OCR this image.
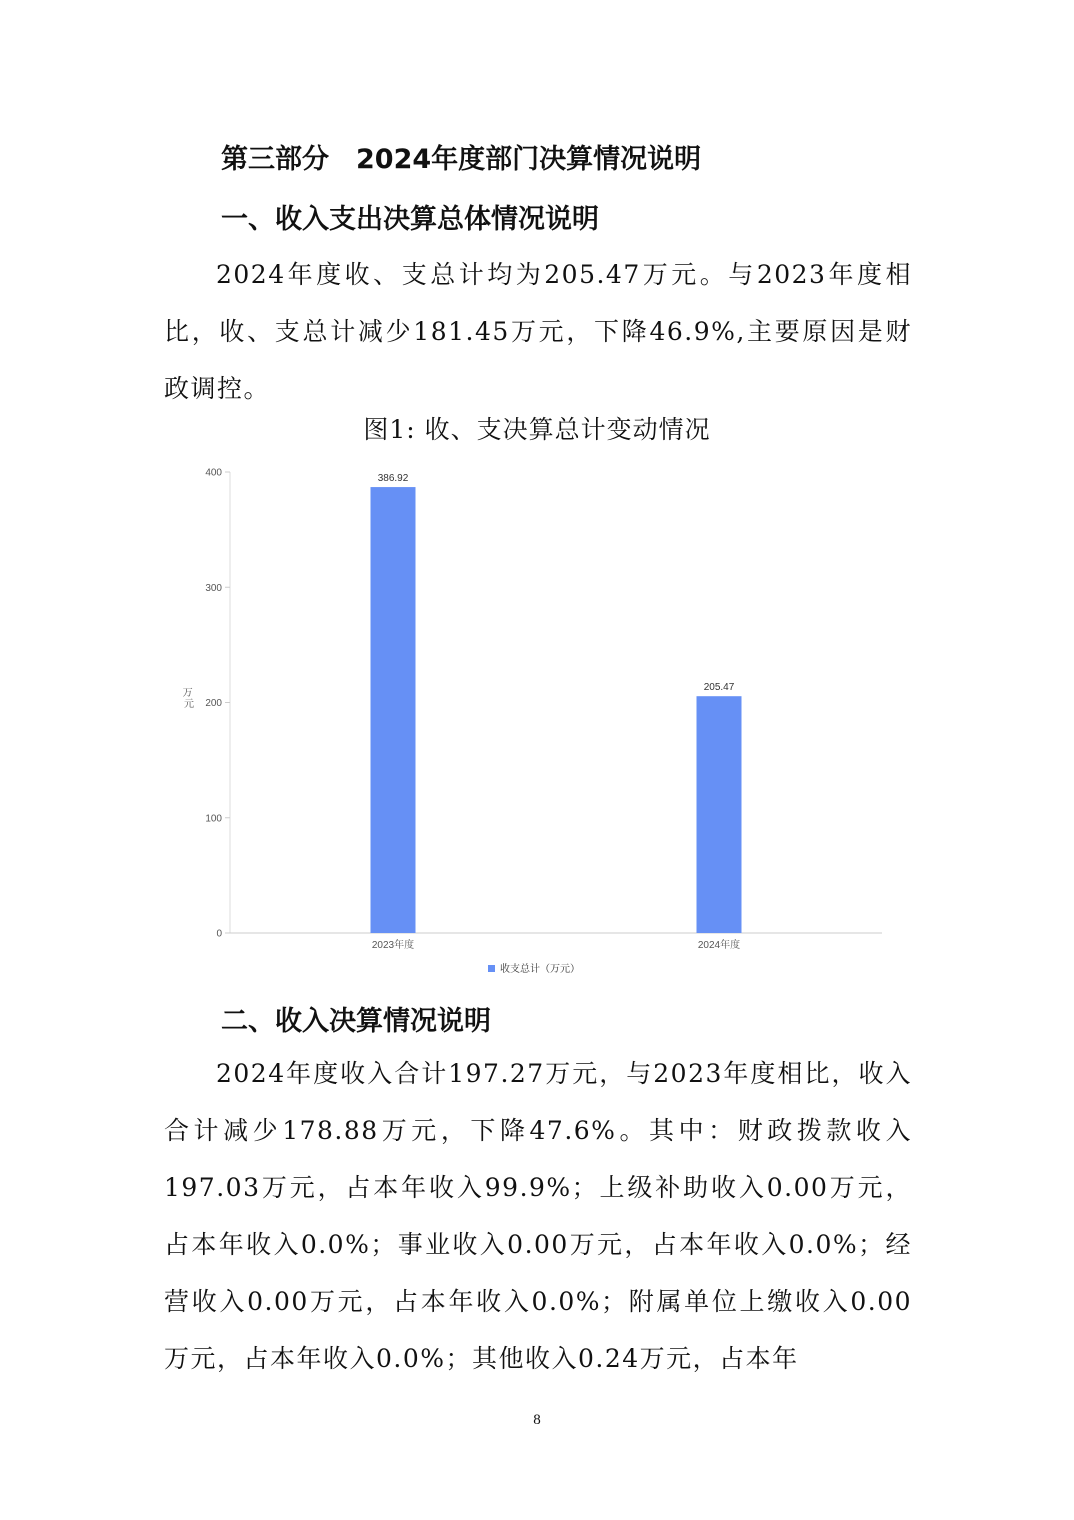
第三部分　2024年度部门决算情况说明
一、收入支出决算总体情况说明

2024年度收、支总计均为205.47万元。与2023年度相比，收、支总计减少181.45万元，下降46.9%,主要原因是财政调控。

图1: 收、支决算总计变动情况
0
100
200
300
400
386.92
205.47
2023年度	2024年度
万 元
收支总计（万元）
二、收入决算情况说明

2024年度收入合计197.27万元，与2023年度相比，收入合计减少178.88万元，下降47.6%。其中：财政拨款收入197.03万元，占本年收入99.9%；上级补助收入0.00万元，占本年收入0.0%；事业收入0.00万元，占本年收入0.0%；经营收入0.00万元，占本年收入0.0%；附属单位上缴收入0.00万元，占本年收入0.0%；其他收入0.24万元，占本年

8
